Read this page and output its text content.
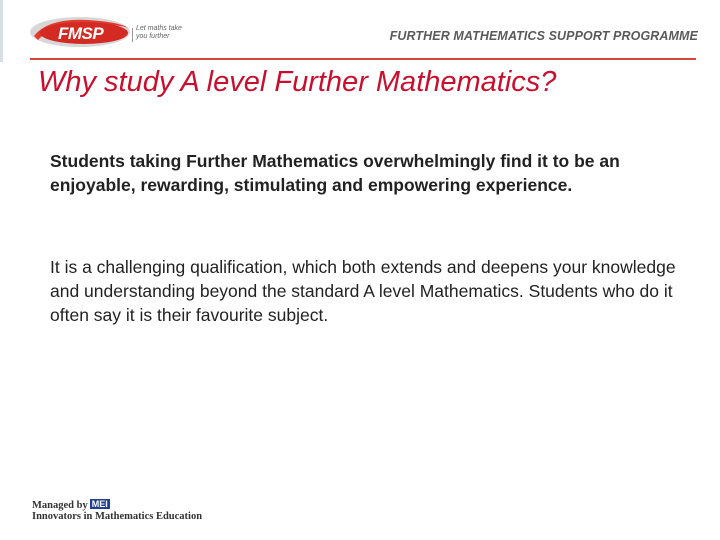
FMSP	Let maths take you further	FURTHER MATHEMATICS SUPPORT PROGRAMME
Why study A level Further Mathematics?

Students taking Further Mathematics overwhelmingly find it to be an enjoyable, rewarding, stimulating and empowering experience.

It is a challenging qualification, which both extends and deepens your knowledge and understanding beyond the standard A level Mathematics. Students who do it often say it is their favourite subject.

Managed by MEI
Innovators in Mathematics Education
